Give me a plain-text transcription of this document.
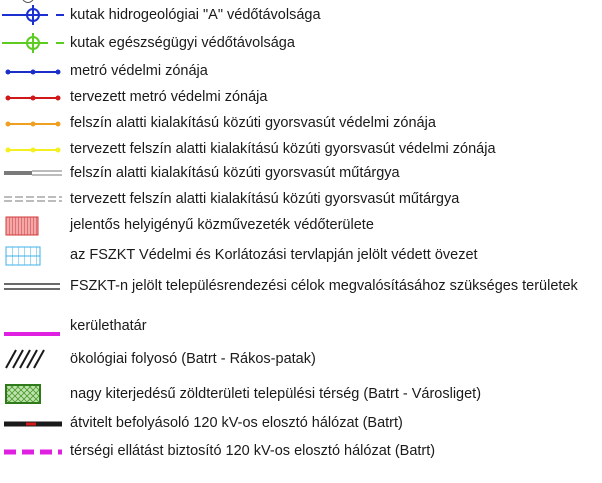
kutak hidrogeológiai "A" védőtávolsága
kutak egészségügyi védőtávolsága
metró védelmi zónája
tervezett metró védelmi zónája
felszín alatti kialakítású közúti gyorsvasút védelmi zónája
tervezett felszín alatti kialakítású közúti gyorsvasút védelmi zónája
felszín alatti kialakítású közúti gyorsvasút műtárgya
tervezett felszín alatti kialakítású közúti gyorsvasút műtárgya
jelentős helyigényű közművezeték védőterülete
az FSZKT Védelmi és Korlátozási tervlapján jelölt védett övezet
FSZKT-n jelölt településrendezési célok megvalósításához szükséges területek
kerülethatár
ökológiai folyosó (Batrt - Rákos-patak)
nagy kiterjedésű zöldterületi települési térség (Batrt - Városliget)
átvitelt befolyásoló 120 kV-os elosztó hálózat (Batrt)
térségi ellátást biztosító 120 kV-os elosztó hálózat (Batrt)
